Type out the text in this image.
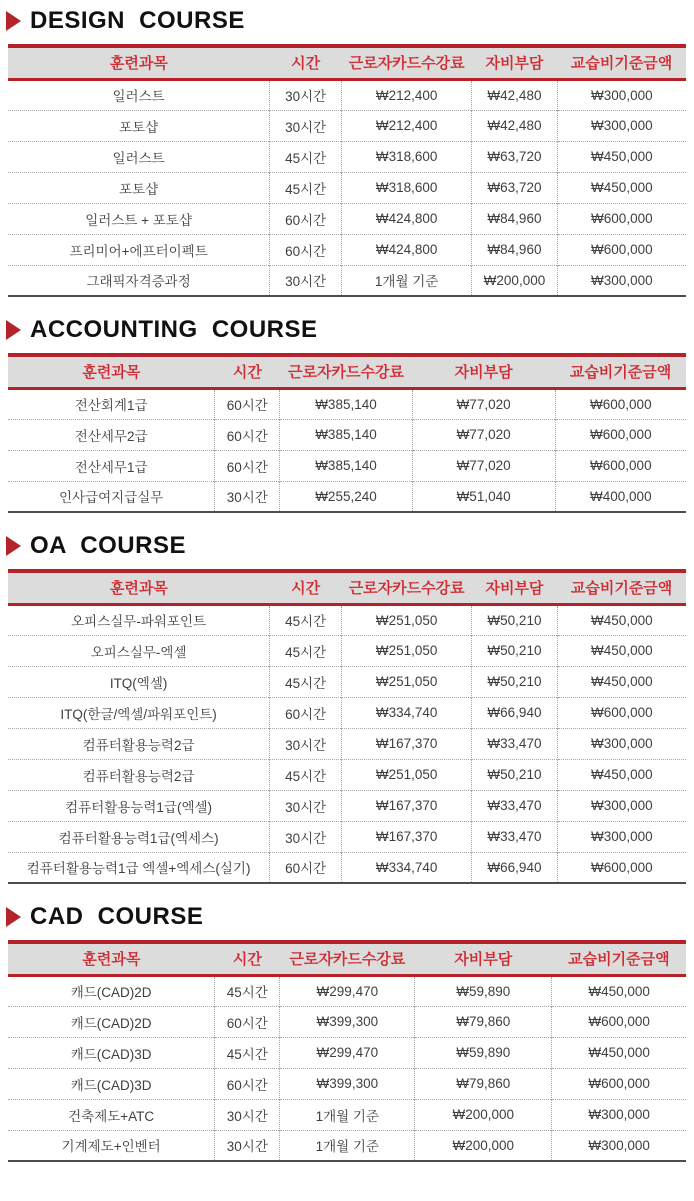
DESIGN COURSE
훈련과목	시간	근로자카드수강료	자비부담	교습비기준금액
일러스트	30시간	₩212,400	₩42,480	₩300,000
포토샵	30시간	₩212,400	₩42,480	₩300,000
일러스트	45시간	₩318,600	₩63,720	₩450,000
포토샵	45시간	₩318,600	₩63,720	₩450,000
일러스트 + 포토샵	60시간	₩424,800	₩84,960	₩600,000
프리미어+에프터이펙트	60시간	₩424,800	₩84,960	₩600,000
그래픽자격증과정	30시간	1개월 기준	₩200,000	₩300,000
ACCOUNTING COURSE
훈련과목	시간	근로자카드수강료	자비부담	교습비기준금액
전산회계1급	60시간	₩385,140	₩77,020	₩600,000
전산세무2급	60시간	₩385,140	₩77,020	₩600,000
전산세무1급	60시간	₩385,140	₩77,020	₩600,000
인사급여지급실무	30시간	₩255,240	₩51,040	₩400,000
OA COURSE
훈련과목	시간	근로자카드수강료	자비부담	교습비기준금액
오피스실무-파워포인트	45시간	₩251,050	₩50,210	₩450,000
오피스실무-엑셀	45시간	₩251,050	₩50,210	₩450,000
ITQ(엑셀)	45시간	₩251,050	₩50,210	₩450,000
ITQ(한글/엑셀/파워포인트)	60시간	₩334,740	₩66,940	₩600,000
컴퓨터활용능력2급	30시간	₩167,370	₩33,470	₩300,000
컴퓨터활용능력2급	45시간	₩251,050	₩50,210	₩450,000
컴퓨터활용능력1급(엑셀)	30시간	₩167,370	₩33,470	₩300,000
컴퓨터활용능력1급(엑세스)	30시간	₩167,370	₩33,470	₩300,000
컴퓨터활용능력1급 엑셀+엑세스(실기)	60시간	₩334,740	₩66,940	₩600,000
CAD COURSE
훈련과목	시간	근로자카드수강료	자비부담	교습비기준금액
캐드(CAD)2D	45시간	₩299,470	₩59,890	₩450,000
캐드(CAD)2D	60시간	₩399,300	₩79,860	₩600,000
캐드(CAD)3D	45시간	₩299,470	₩59,890	₩450,000
캐드(CAD)3D	60시간	₩399,300	₩79,860	₩600,000
건축제도+ATC	30시간	1개월 기준	₩200,000	₩300,000
기계제도+인벤터	30시간	1개월 기준	₩200,000	₩300,000
